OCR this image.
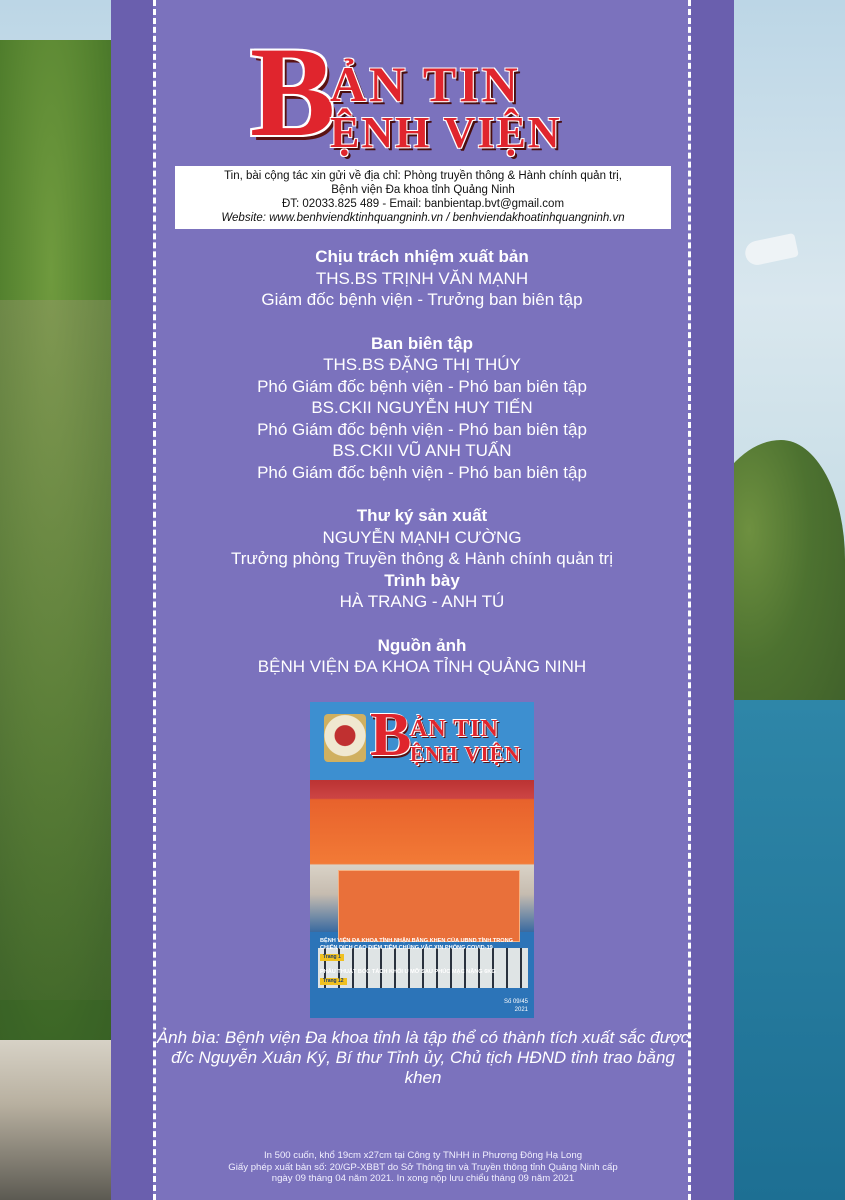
B
ẢN TIN
ỆNH VIỆN
Tin, bài cộng tác xin gửi về địa chỉ: Phòng truyền thông & Hành chính quản trị,
Bệnh viện Đa khoa tỉnh Quảng Ninh
ĐT: 02033.825 489 - Email: banbientap.bvt@gmail.com
Website: www.benhviendktinhquangninh.vn / benhviendakhoatinhquangninh.vn
Chịu trách nhiệm xuất bản
THS.BS TRỊNH VĂN MẠNH
Giám đốc bệnh viện - Trưởng ban biên tập
Ban biên tập
THS.BS ĐẶNG THỊ THÚY
Phó Giám đốc bệnh viện - Phó ban biên tập
BS.CKII NGUYỄN HUY TIẾN
Phó Giám đốc bệnh viện - Phó ban biên tập
BS.CKII VŨ ANH TUẤN
Phó Giám đốc bệnh viện - Phó ban biên tập
Thư ký sản xuất
NGUYỄN MẠNH CƯỜNG
Trưởng phòng Truyền thông & Hành chính quản trị
Trình bày
HÀ TRANG - ANH TÚ
Nguồn ảnh
BỆNH VIỆN ĐA KHOA TỈNH QUẢNG NINH
B
ẢN TIN
ỆNH VIỆN
BỆNH VIỆN ĐA KHOA TỈNH NHẬN BẰNG KHEN CỦA UBND TỈNH TRONG CHIẾN DỊCH CAO ĐIỂM TIÊM CHỦNG VẮC XIN PHÒNG COVID-19
Trang 1
PHẪU THUẬT BÓC TÁCH KHỐI U MỠ SAU PHÚC MẠC NẶNG 6KG
Trang 12
Số 09/45
2021
Ảnh bìa: Bệnh viện Đa khoa tỉnh là tập thể có thành tích xuất sắc được đ/c Nguyễn Xuân Ký, Bí thư Tỉnh ủy, Chủ tịch HĐND tỉnh trao bằng khen
In 500 cuốn, khổ 19cm x27cm tại Công ty TNHH in Phương Đông Hạ Long
Giấy phép xuất bản số: 20/GP-XBBT do Sở Thông tin và Truyền thông tỉnh Quảng Ninh cấp
ngày 09 tháng 04 năm 2021. In xong nộp lưu chiểu tháng 09 năm 2021
